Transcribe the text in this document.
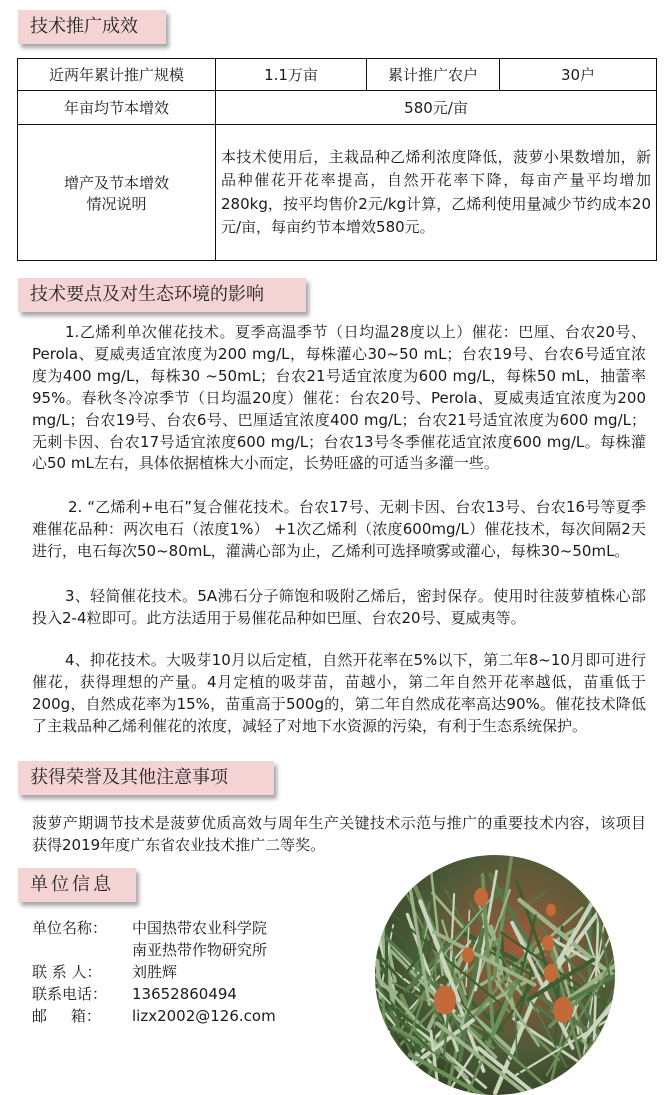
技术推广成效
近两年累计推广规模	1.1万亩	累计推广农户	30户
年亩均节本增效	580元/亩		

增产及节本增效
情况说明	本技术使用后，主栽品种乙烯利浓度降低，菠萝小果数增加，新品种催花开花率提高，自然开花率下降，每亩产量平均增加280kg，按平均售价2元/kg计算，乙烯利使用量减少节约成本20元/亩，每亩约节本增效580元。		
技术要点及对生态环境的影响
1.乙烯利单次催花技术。夏季高温季节（日均温28度以上）催花：巴厘、台农20号、Perola、夏威夷适宜浓度为200 mg/L，每株灌心30~50 mL；台农19号、台农6号适宜浓度为400 mg/L，每株30 ~50mL；台农21号适宜浓度为600 mg/L，每株50 mL，抽蕾率95%。春秋冬冷凉季节（日均温20度）催花：台农20号、Perola、夏威夷适宜浓度为200 mg/L；台农19号、台农6号、巴厘适宜浓度400 mg/L；台农21号适宜浓度为600 mg/L；无刺卡因、台农17号适宜浓度600 mg/L；台农13号冬季催花适宜浓度600 mg/L。每株灌心50 mL左右，具体依据植株大小而定，长势旺盛的可适当多灌一些。
2. “乙烯利+电石”复合催花技术。台农17号、无刺卡因、台农13号、台农16号等夏季难催花品种：两次电石（浓度1%） +1次乙烯利（浓度600mg/L）催花技术，每次间隔2天进行，电石每次50~80mL，灌满心部为止，乙烯利可选择喷雾或灌心，每株30~50mL。
3、轻简催花技术。5A沸石分子筛饱和吸附乙烯后，密封保存。使用时往菠萝植株心部投入2-4粒即可。此方法适用于易催花品种如巴厘、台农20号、夏威夷等。
4、抑花技术。大吸芽10月以后定植，自然开花率在5%以下，第二年8~10月即可进行催花，获得理想的产量。4月定植的吸芽苗，苗越小，第二年自然开花率越低，苗重低于200g，自然成花率为15%，苗重高于500g的，第二年自然成花率高达90%。催花技术降低了主栽品种乙烯利催花的浓度，减轻了对地下水资源的污染，有利于生态系统保护。
获得荣誉及其他注意事项
菠萝产期调节技术是菠萝优质高效与周年生产关键技术示范与推广的重要技术内容，该项目获得2019年度广东省农业技术推广二等奖。
单位信息
单位名称：	中国热带农业科学院
南亚热带作物研究所
联 系 人：	刘胜辉
联系电话：	13652860494
邮     箱：	lizx2002@126.com
